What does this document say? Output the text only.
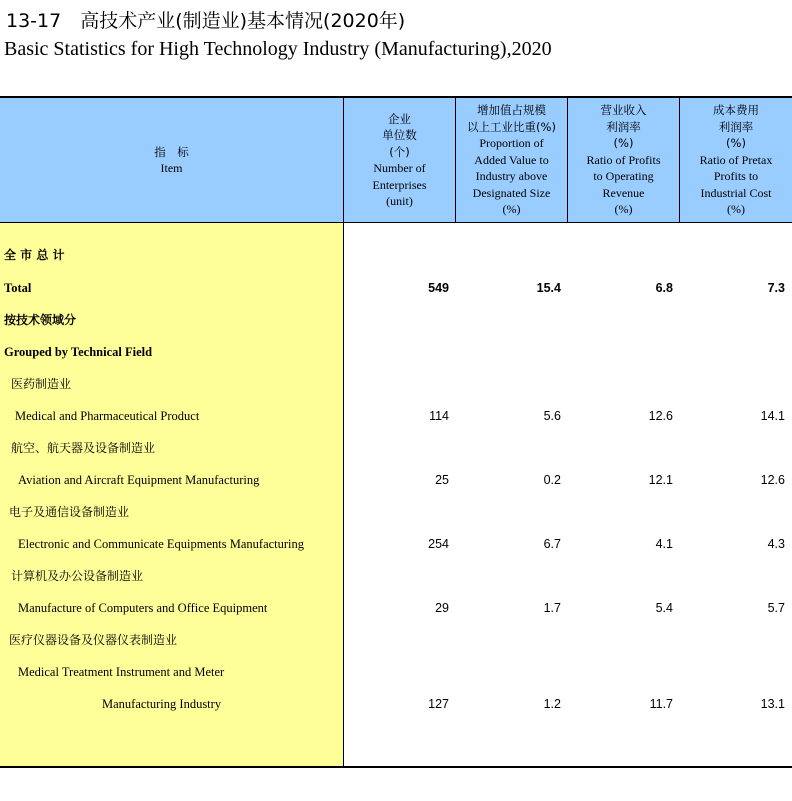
13-17　高技术产业(制造业)基本情况(2020年)
Basic Statistics for High Technology Industry (Manufacturing),2020
指　标
Item
企业
单位数
(个)
Number of
Enterprises
(unit)
增加值占规模
以上工业比重(%)
Proportion of
Added Value to
Industry above
Designated Size
(%)
营业收入
利润率
(%)
Ratio of Profits
to Operating
Revenue
(%)
成本费用
利润率
(%)
Ratio of Pretax
Profits to
Industrial Cost
(%)
全 市 总 计
Total	549	15.4	6.8	7.3
按技术领域分
Grouped by Technical Field
医药制造业
Medical and Pharmaceutical Product	114	5.6	12.6	14.1
航空、航天器及设备制造业
Aviation and Aircraft Equipment Manufacturing	25	0.2	12.1	12.6
电子及通信设备制造业
Electronic and Communicate Equipments Manufacturing	254	6.7	4.1	4.3
计算机及办公设备制造业
Manufacture of Computers and Office Equipment	29	1.7	5.4	5.7
医疗仪器设备及仪器仪表制造业
Medical Treatment Instrument and Meter
Manufacturing Industry	127	1.2	11.7	13.1
